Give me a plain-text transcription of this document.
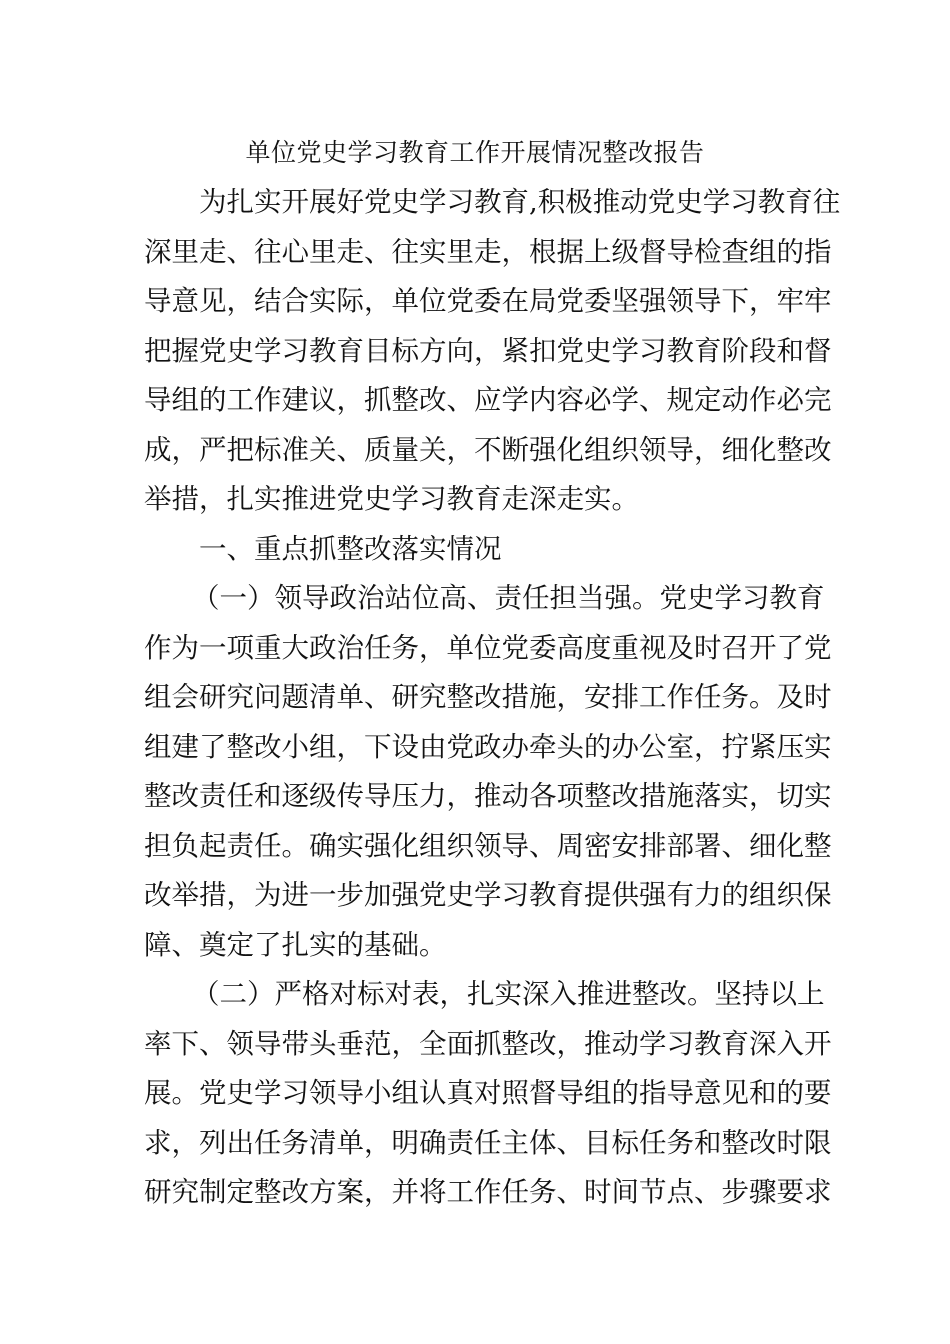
单位党史学习教育工作开展情况整改报告
为扎实开展好党史学习教育,积极推动党史学习教育往
深里走、往心里走、往实里走，根据上级督导检查组的指
导意见，结合实际，单位党委在局党委坚强领导下，牢牢
把握党史学习教育目标方向，紧扣党史学习教育阶段和督
导组的工作建议，抓整改、应学内容必学、规定动作必完
成，严把标准关、质量关，不断强化组织领导，细化整改
举措，扎实推进党史学习教育走深走实。
一、重点抓整改落实情况
（一）领导政治站位高、责任担当强。党史学习教育
作为一项重大政治任务，单位党委高度重视及时召开了党
组会研究问题清单、研究整改措施，安排工作任务。及时
组建了整改小组，下设由党政办牵头的办公室，拧紧压实
整改责任和逐级传导压力，推动各项整改措施落实，切实
担负起责任。确实强化组织领导、周密安排部署、细化整
改举措，为进一步加强党史学习教育提供强有力的组织保
障、奠定了扎实的基础。
（二）严格对标对表，扎实深入推进整改。坚持以上
率下、领导带头垂范，全面抓整改，推动学习教育深入开
展。党史学习领导小组认真对照督导组的指导意见和的要
求，列出任务清单，明确责任主体、目标任务和整改时限
研究制定整改方案，并将工作任务、时间节点、步骤要求
